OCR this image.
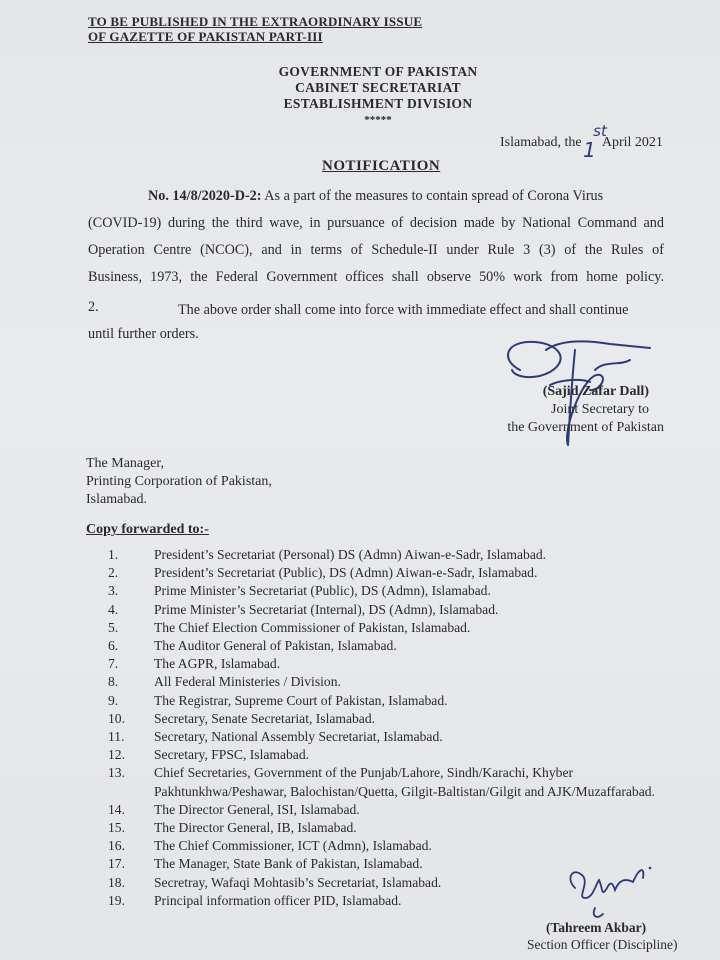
TO BE PUBLISHED IN THE EXTRAORDINARY ISSUE
OF GAZETTE OF PAKISTAN PART-III
GOVERNMENT OF PAKISTAN
CABINET SECRETARIAT
ESTABLISHMENT DIVISION
*****
Islamabad, the 1
st
April 2021
NOTIFICATION
No. 14/8/2020-D-2: As a part of the measures to contain spread of Corona Virus
(COVID-19) during the third wave, in pursuance of decision made by National Command and
Operation Centre (NCOC), and in terms of Schedule-II under Rule 3 (3) of the Rules of
Business, 1973, the Federal Government offices shall observe 50% work from home policy.
2.	The above order shall come into force with immediate effect and shall continue
until further orders.
(Sajid Zafar Dall)
Joint Secretary to
the Government of Pakistan
The Manager,
Printing Corporation of Pakistan,
Islamabad.
Copy forwarded to:-
1.	President’s Secretariat (Personal) DS (Admn) Aiwan-e-Sadr, Islamabad.
2.	President’s Secretariat (Public), DS (Admn) Aiwan-e-Sadr, Islamabad.
3.	Prime Minister’s Secretariat (Public), DS (Admn), Islamabad.
4.	Prime Minister’s Secretariat (Internal), DS (Admn), Islamabad.
5.	The Chief Election Commissioner of Pakistan, Islamabad.
6.	The Auditor General of Pakistan, Islamabad.
7.	The AGPR, Islamabad.
8.	All Federal Ministeries / Division.
9.	The Registrar, Supreme Court of Pakistan, Islamabad.
10. Secretary, Senate Secretariat, Islamabad.
11. Secretary, National Assembly Secretariat, Islamabad.
12. Secretary, FPSC, Islamabad.
13. Chief Secretaries, Government of the Punjab/Lahore, Sindh/Karachi, Khyber
Pakhtunkhwa/Peshawar, Balochistan/Quetta, Gilgit-Baltistan/Gilgit and AJK/Muzaffarabad.
14. The Director General, ISI, Islamabad.
15. The Director General, IB, Islamabad.
16. The Chief Commissioner, ICT (Admn), Islamabad.
17. The Manager, State Bank of Pakistan, Islamabad.
18. Secretray, Wafaqi Mohtasib’s Secretariat, Islamabad.
19. Principal information officer PID, Islamabad.
(Tahreem Akbar)
Section Officer (Discipline)
